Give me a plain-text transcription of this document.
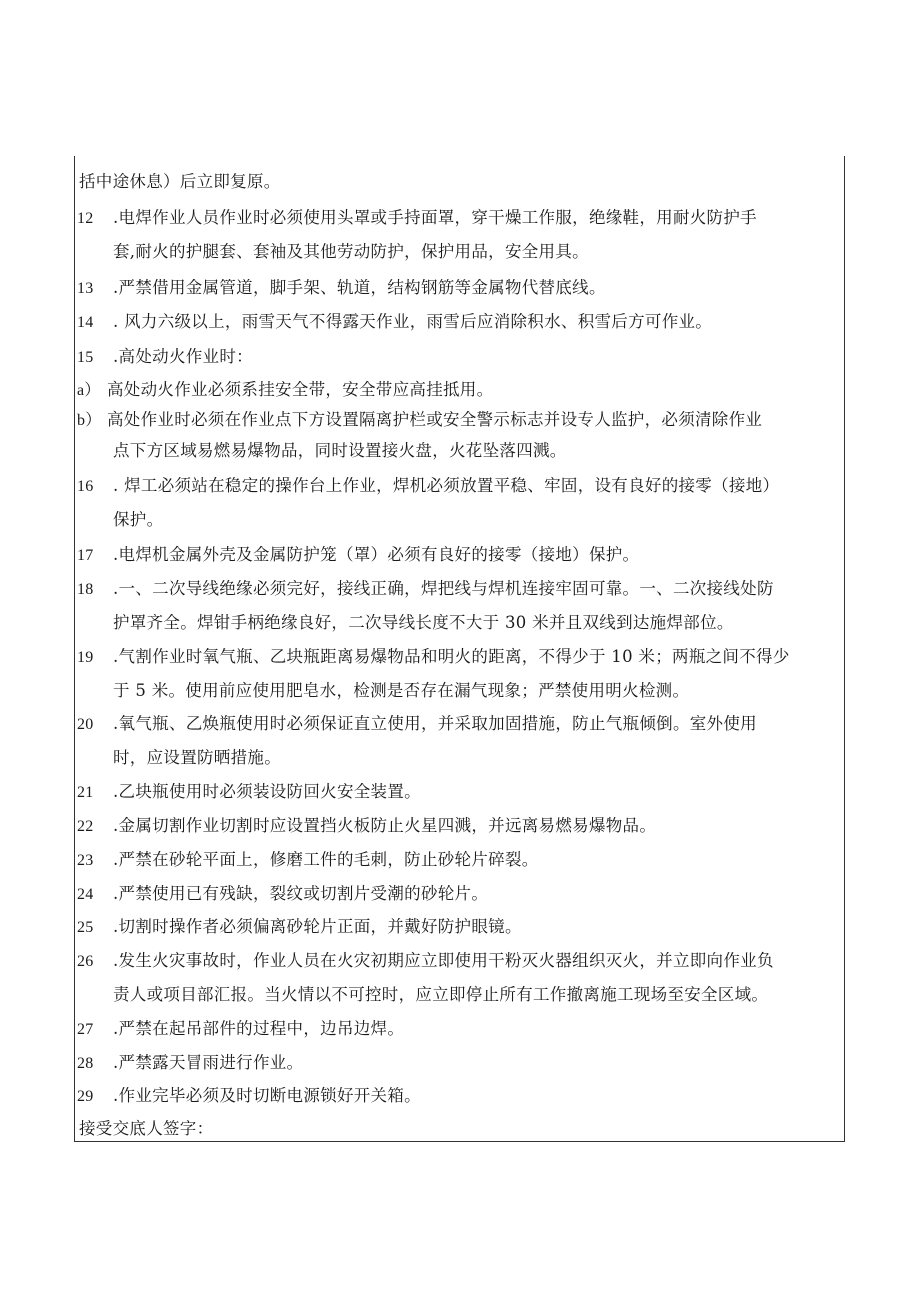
括中途休息）后立即复原。
12 .电焊作业人员作业时必须使用头罩或手持面罩，穿干燥工作服，绝缘鞋，用耐火防护手
套,耐火的护腿套、套袖及其他劳动防护，保护用品，安全用具。
13 .严禁借用金属管道，脚手架、轨道，结构钢筋等金属物代替底线。
14 . 风力六级以上，雨雪天气不得露天作业，雨雪后应消除积水、积雪后方可作业。
15 .高处动火作业时：
a） 高处动火作业必须系挂安全带，安全带应高挂抵用。
b） 高处作业时必须在作业点下方设置隔离护栏或安全警示标志并设专人监护，必须清除作业
点下方区域易燃易爆物品，同时设置接火盘，火花坠落四溅。
16 . 焊工必须站在稳定的操作台上作业，焊机必须放置平稳、牢固，设有良好的接零（接地）
保护。
17 .电焊机金属外壳及金属防护笼（罩）必须有良好的接零（接地）保护。
18 .一、二次导线绝缘必须完好，接线正确，焊把线与焊机连接牢固可靠。一、二次接线处防
护罩齐全。焊钳手柄绝缘良好，二次导线长度不大于 30 米并且双线到达施焊部位。
19 .气割作业时氧气瓶、乙块瓶距离易爆物品和明火的距离，不得少于 10 米；两瓶之间不得少
于 5 米。使用前应使用肥皂水，检测是否存在漏气现象；严禁使用明火检测。
20 .氧气瓶、乙焕瓶使用时必须保证直立使用，并采取加固措施，防止气瓶倾倒。室外使用
时，应设置防晒措施。
21 .乙块瓶使用时必须装设防回火安全装置。
22 .金属切割作业切割时应设置挡火板防止火星四溅，并远离易燃易爆物品。
23 .严禁在砂轮平面上，修磨工件的毛刺，防止砂轮片碎裂。
24 .严禁使用已有残缺，裂纹或切割片受潮的砂轮片。
25 .切割时操作者必须偏离砂轮片正面，并戴好防护眼镜。
26 .发生火灾事故时，作业人员在火灾初期应立即使用干粉灭火器组织灭火，并立即向作业负
责人或项目部汇报。当火情以不可控时，应立即停止所有工作撤离施工现场至安全区域。
27 .严禁在起吊部件的过程中，边吊边焊。
28 .严禁露天冒雨进行作业。
29 .作业完毕必须及时切断电源锁好开关箱。
接受交底人签字：
